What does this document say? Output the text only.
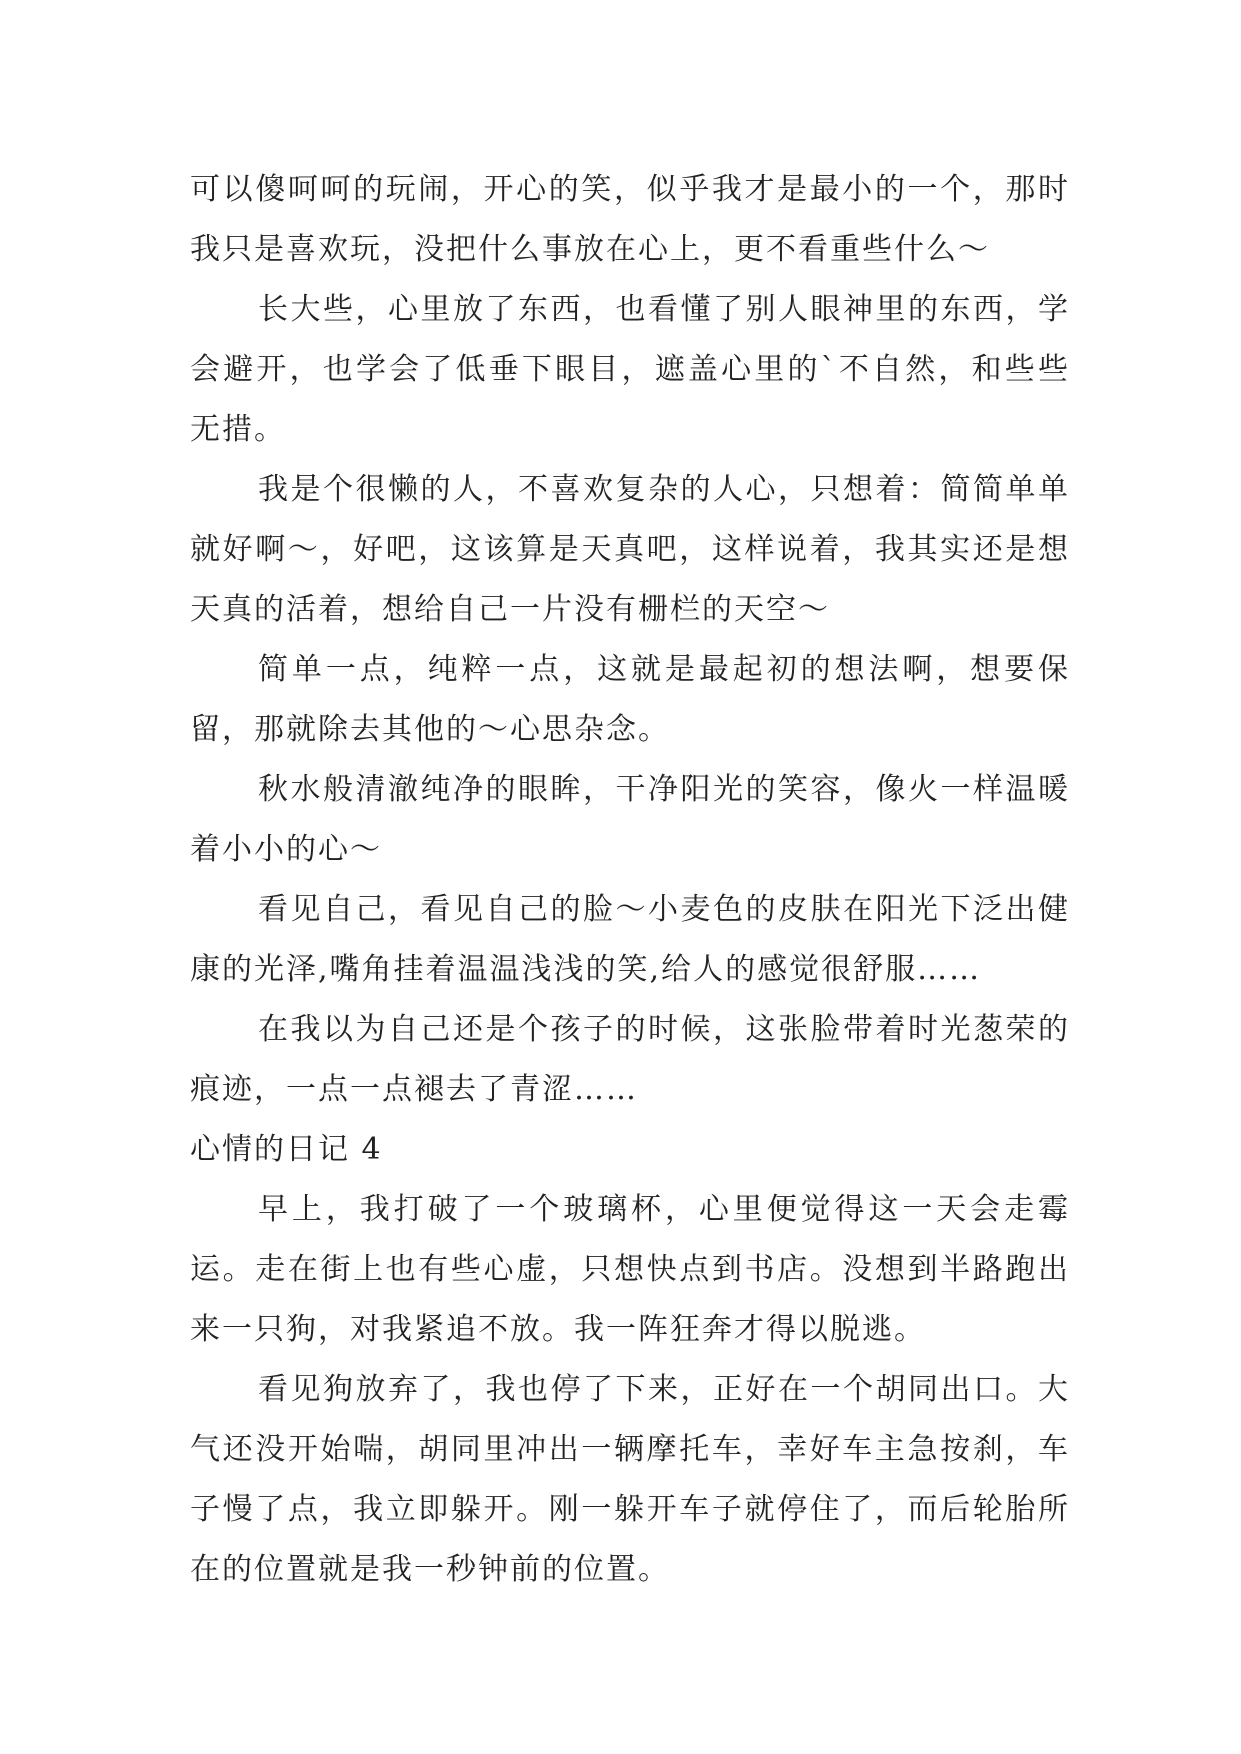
可以傻呵呵的玩闹，开心的笑，似乎我才是最小的一个，那时我只是喜欢玩，没把什么事放在心上，更不看重些什么～

长大些，心里放了东西，也看懂了别人眼神里的东西，学会避开，也学会了低垂下眼目，遮盖心里的`不自然，和些些无措。

我是个很懒的人，不喜欢复杂的人心，只想着：简简单单就好啊～，好吧，这该算是天真吧，这样说着，我其实还是想天真的活着，想给自己一片没有栅栏的天空～

简单一点，纯粹一点，这就是最起初的想法啊，想要保留，那就除去其他的～心思杂念。

秋水般清澈纯净的眼眸，干净阳光的笑容，像火一样温暖着小小的心～

看见自己，看见自己的脸～小麦色的皮肤在阳光下泛出健康的光泽,嘴角挂着温温浅浅的笑,给人的感觉很舒服……

在我以为自己还是个孩子的时候，这张脸带着时光葱荣的痕迹，一点一点褪去了青涩……

心情的日记 4

早上，我打破了一个玻璃杯，心里便觉得这一天会走霉运。走在街上也有些心虚，只想快点到书店。没想到半路跑出来一只狗，对我紧追不放。我一阵狂奔才得以脱逃。

看见狗放弃了，我也停了下来，正好在一个胡同出口。大气还没开始喘，胡同里冲出一辆摩托车，幸好车主急按刹，车子慢了点，我立即躲开。刚一躲开车子就停住了，而后轮胎所在的位置就是我一秒钟前的位置。
